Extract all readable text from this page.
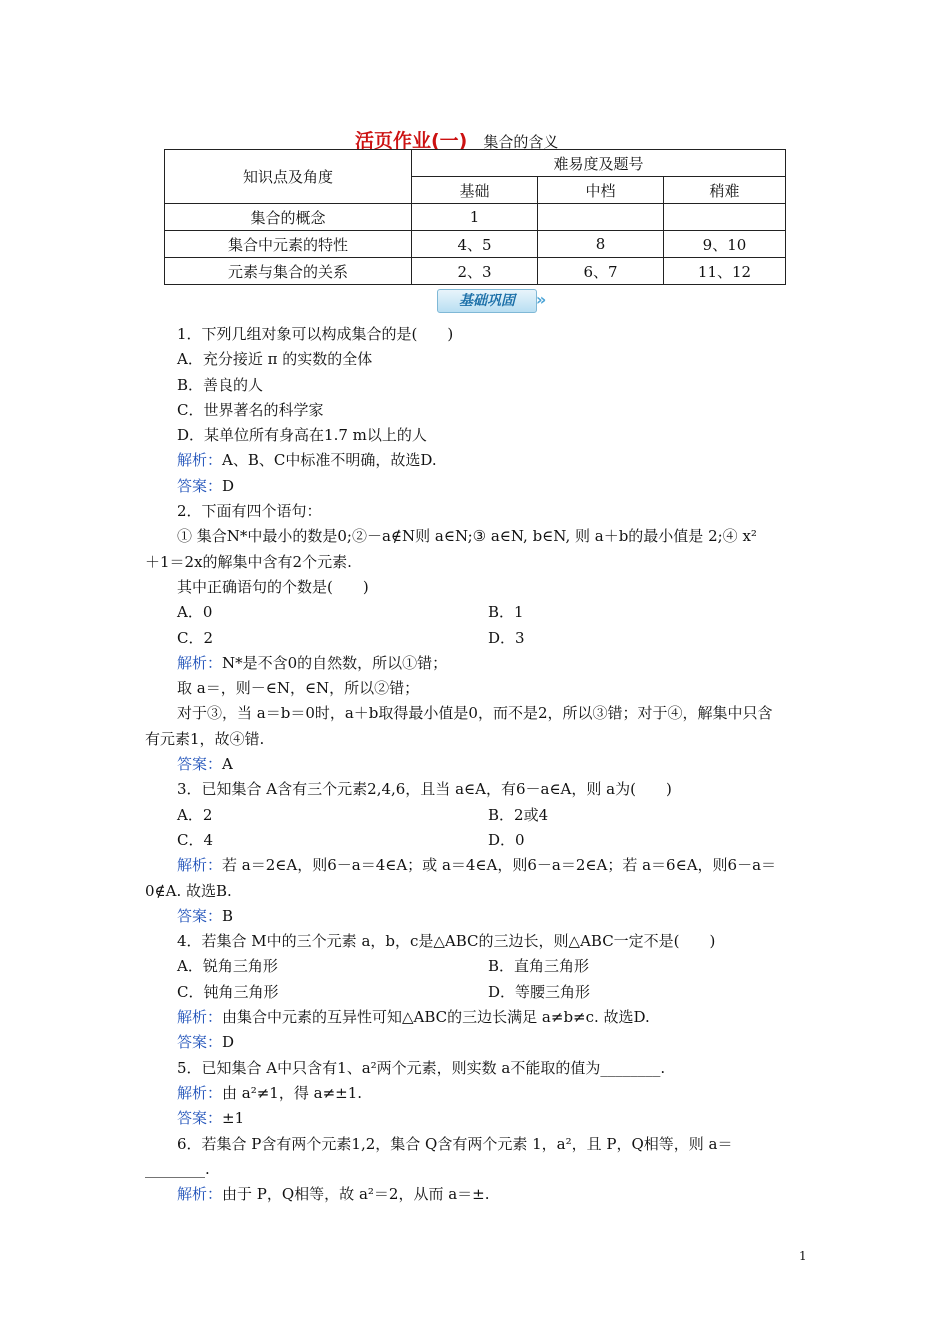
活页作业(一) 集合的含义
知识点及角度	难易度及题号		
	基础	中档	稍难
集合的概念	1		
集合中元素的特性	4、5	8	9、10
元素与集合的关系	2、3	6、7	11、12
基础巩固	»

1．下列几组对象可以构成集合的是(　　)

A．充分接近 π 的实数的全体

B．善良的人

C．世界著名的科学家

D．某单位所有身高在1.7 m以上的人

解析：A、B、C中标准不明确，故选D.

答案：D

2．下面有四个语句：

① 集合N*中最小的数是0;②－a∉N则 a∈N;③ a∈N, b∈N, 则 a＋b的最小值是 2;④ x²

＋1＝2x的解集中含有2个元素.

其中正确语句的个数是(　　)

A．0	B．1
C．2	D．3

解析：N*是不含0的自然数，所以①错；

取 a＝，则－∈N，∈N，所以②错；

对于③，当 a＝b＝0时，a＋b取得最小值是0，而不是2，所以③错；对于④，解集中只含

有元素1，故④错.

答案：A

3．已知集合 A含有三个元素2,4,6，且当 a∈A，有6－a∈A，则 a为(　　)

A．2	B．2或4
C．4	D．0

解析：若 a＝2∈A，则6－a＝4∈A；或 a＝4∈A，则6－a＝2∈A；若 a＝6∈A，则6－a＝

0∉A. 故选B.

答案：B

4．若集合 M中的三个元素 a，b，c是△ABC的三边长，则△ABC一定不是(　　)

A．锐角三角形	B．直角三角形
C．钝角三角形	D．等腰三角形

解析：由集合中元素的互异性可知△ABC的三边长满足 a≠b≠c. 故选D.

答案：D

5．已知集合 A中只含有1、a²两个元素，则实数 a不能取的值为________.

解析：由 a²≠1，得 a≠±1.

答案：±1

6．若集合 P含有两个元素1,2，集合 Q含有两个元素 1，a²，且 P，Q相等，则 a＝

________.

解析：由于 P，Q相等，故 a²＝2，从而 a＝±.

1
